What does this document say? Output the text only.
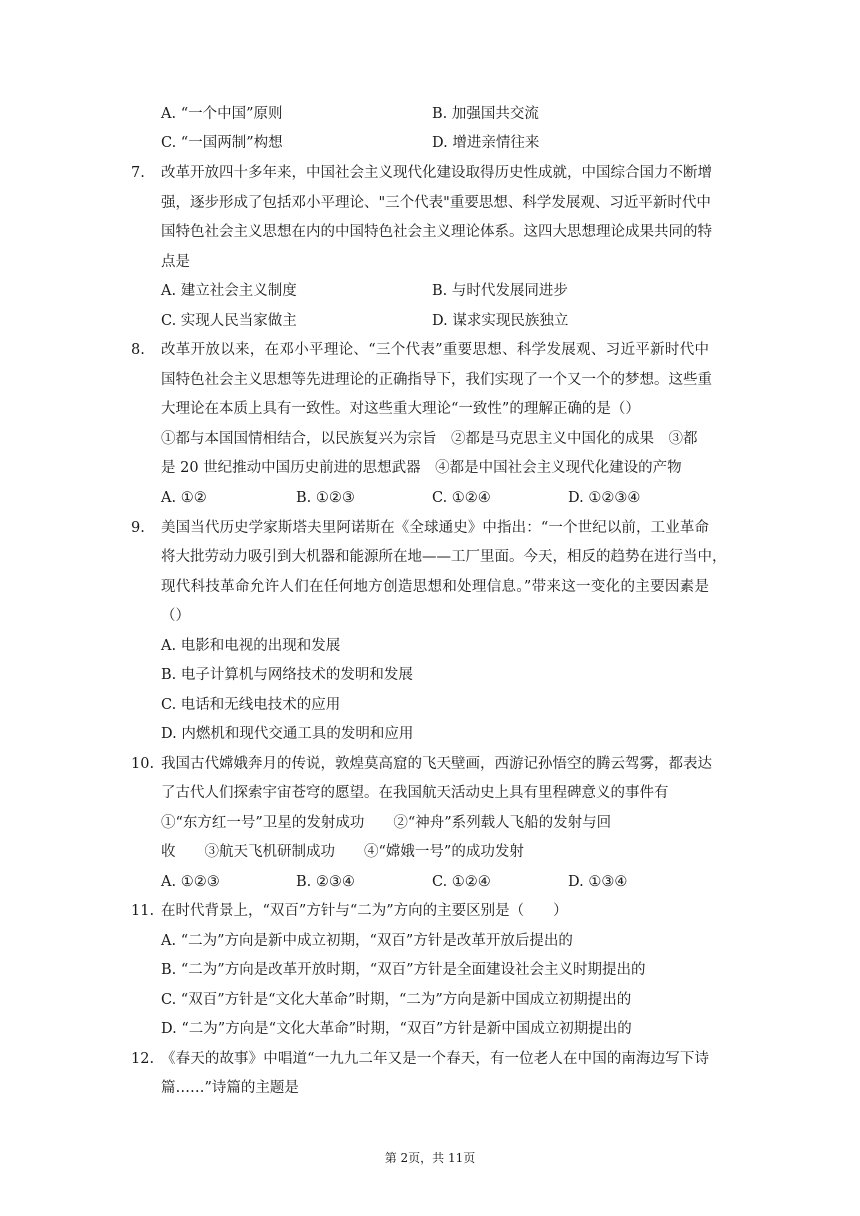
A. “一个中国”原则	B. 加强国共交流
C. “一国两制”构想	D. 增进亲情往来
7. 改革开放四十多年来，中国社会主义现代化建设取得历史性成就，中国综合国力不断增
强，逐步形成了包括邓小平理论、"三个代表"重要思想、科学发展观、习近平新时代中
国特色社会主义思想在内的中国特色社会主义理论体系。这四大思想理论成果共同的特
点是
A. 建立社会主义制度	B. 与时代发展同进步
C. 实现人民当家做主	D. 谋求实现民族独立
8. 改革开放以来，在邓小平理论、“三个代表”重要思想、科学发展观、习近平新时代中
国特色社会主义思想等先进理论的正确指导下，我们实现了一个又一个的梦想。这些重
大理论在本质上具有一致性。对这些重大理论“一致性”的理解正确的是（）
①都与本国国情相结合，以民族复兴为宗旨　②都是马克思主义中国化的成果　③都
是 20 世纪推动中国历史前进的思想武器　④都是中国社会主义现代化建设的产物
A. ①②	B. ①②③	C. ①②④	D. ①②③④
9. 美国当代历史学家斯塔夫里阿诺斯在《全球通史》中指出：“一个世纪以前，工业革命
将大批劳动力吸引到大机器和能源所在地——工厂里面。今天，相反的趋势在进行当中，
现代科技革命允许人们在任何地方创造思想和处理信息。”带来这一变化的主要因素是
（）
A. 电影和电视的出现和发展
B. 电子计算机与网络技术的发明和发展
C. 电话和无线电技术的应用
D. 内燃机和现代交通工具的发明和应用
10. 我国古代嫦娥奔月的传说，敦煌莫高窟的飞天壁画，西游记孙悟空的腾云驾雾，都表达
了古代人们探索宇宙苍穹的愿望。在我国航天活动史上具有里程碑意义的事件有
①“东方红一号”卫星的发射成功　　②“神舟”系列载人飞船的发射与回
收　　③航天飞机研制成功　　④“嫦娥一号”的成功发射
A. ①②③	B. ②③④	C. ①②④	D. ①③④
11. 在时代背景上，“双百”方针与“二为”方向的主要区别是（　　）
A. “二为”方向是新中成立初期，“双百”方针是改革开放后提出的
B. “二为”方向是改革开放时期，“双百”方针是全面建设社会主义时期提出的
C. “双百”方针是“文化大革命”时期，“二为”方向是新中国成立初期提出的
D. “二为”方向是“文化大革命”时期，“双百”方针是新中国成立初期提出的
12. 《春天的故事》中唱道“一九九二年又是一个春天，有一位老人在中国的南海边写下诗
篇……”诗篇的主题是
第 2页，共 11页
